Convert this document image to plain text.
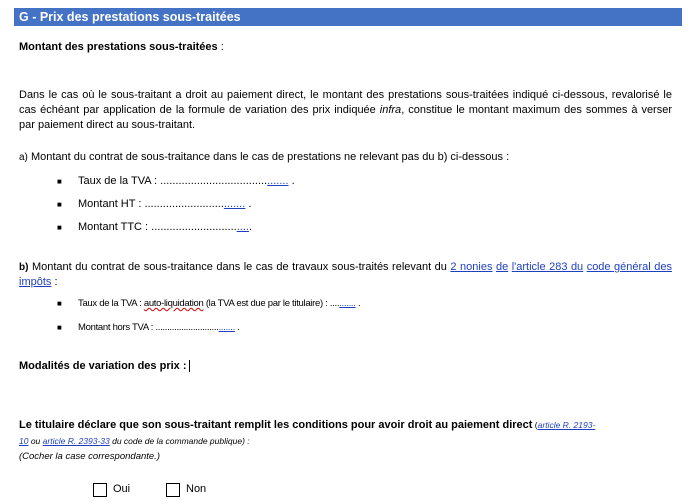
G - Prix des prestations sous-traitées
Montant des prestations sous-traitées :
Dans le cas où le sous-traitant a droit au paiement direct, le montant des prestations sous-traitées indiqué ci-dessous, revalorisé le cas échéant par application de la formule de variation des prix indiquée infra, constitue le montant maximum des sommes à verser par paiement direct au sous-traitant.
a) Montant du contrat de sous-traitance dans le cas de prestations ne relevant pas du b) ci-dessous :
■ Taux de la TVA : .......................................... .
■ Montant HT : ................................. .
■ Montant TTC : .................................
b) Montant du contrat de sous-traitance dans le cas de travaux sous-traités relevant du 2 nonies de l'article 283 du code général des impôts :
■ Taux de la TVA : auto-liquidation (la TVA est due par le titulaire) : ........... .
■ Montant hors TVA : .................................. .
Modalités de variation des prix :
Le titulaire déclare que son sous-traitant remplit les conditions pour avoir droit au paiement direct (article R. 2193-
10 ou article R. 2393-33 du code de la commande publique) :
(Cocher la case correspondante.)
Oui	Non
